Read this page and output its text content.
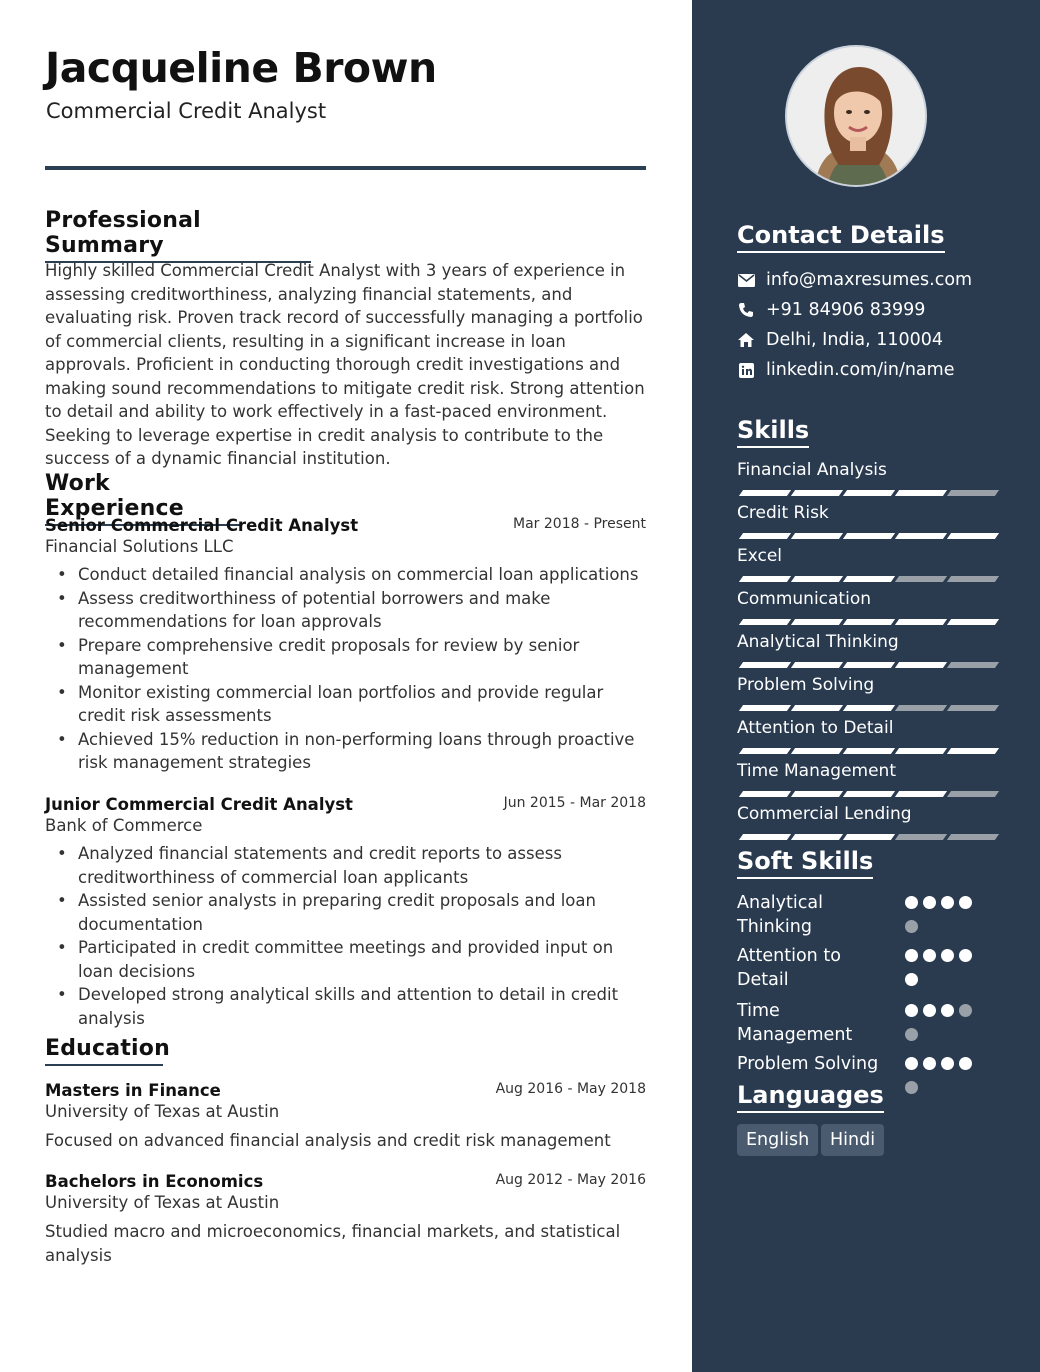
Jacqueline Brown
Commercial Credit Analyst
Professional Summary
Highly skilled Commercial Credit Analyst with 3 years of experience in assessing creditworthiness, analyzing financial statements, and evaluating risk. Proven track record of successfully managing a portfolio of commercial clients, resulting in a significant increase in loan approvals. Proficient in conducting thorough credit investigations and making sound recommendations to mitigate credit risk. Strong attention to detail and ability to work effectively in a fast-paced environment. Seeking to leverage expertise in credit analysis to contribute to the success of a dynamic financial institution.
Work Experience
Senior Commercial Credit Analyst	Mar 2018 - Present
Financial Solutions LLC
• Conduct detailed financial analysis on commercial loan applications
• Assess creditworthiness of potential borrowers and make recommendations for loan approvals
• Prepare comprehensive credit proposals for review by senior management
• Monitor existing commercial loan portfolios and provide regular credit risk assessments
• Achieved 15% reduction in non-performing loans through proactive risk management strategies
Junior Commercial Credit Analyst	Jun 2015 - Mar 2018
Bank of Commerce
• Analyzed financial statements and credit reports to assess creditworthiness of commercial loan applicants
• Assisted senior analysts in preparing credit proposals and loan documentation
• Participated in credit committee meetings and provided input on loan decisions
• Developed strong analytical skills and attention to detail in credit analysis
Education
Masters in Finance	Aug 2016 - May 2018
University of Texas at Austin
Focused on advanced financial analysis and credit risk management
Bachelors in Economics	Aug 2012 - May 2016
University of Texas at Austin
Studied macro and microeconomics, financial markets, and statistical analysis
Contact Details
info@maxresumes.com
+91 84906 83999
Delhi, India, 110004
linkedin.com/in/name
Skills
Financial Analysis
Credit Risk
Excel
Communication
Analytical Thinking
Problem Solving
Attention to Detail
Time Management
Commercial Lending
Soft Skills
Analytical Thinking
Attention to Detail
Time Management
Problem Solving
Languages
English	Hindi
